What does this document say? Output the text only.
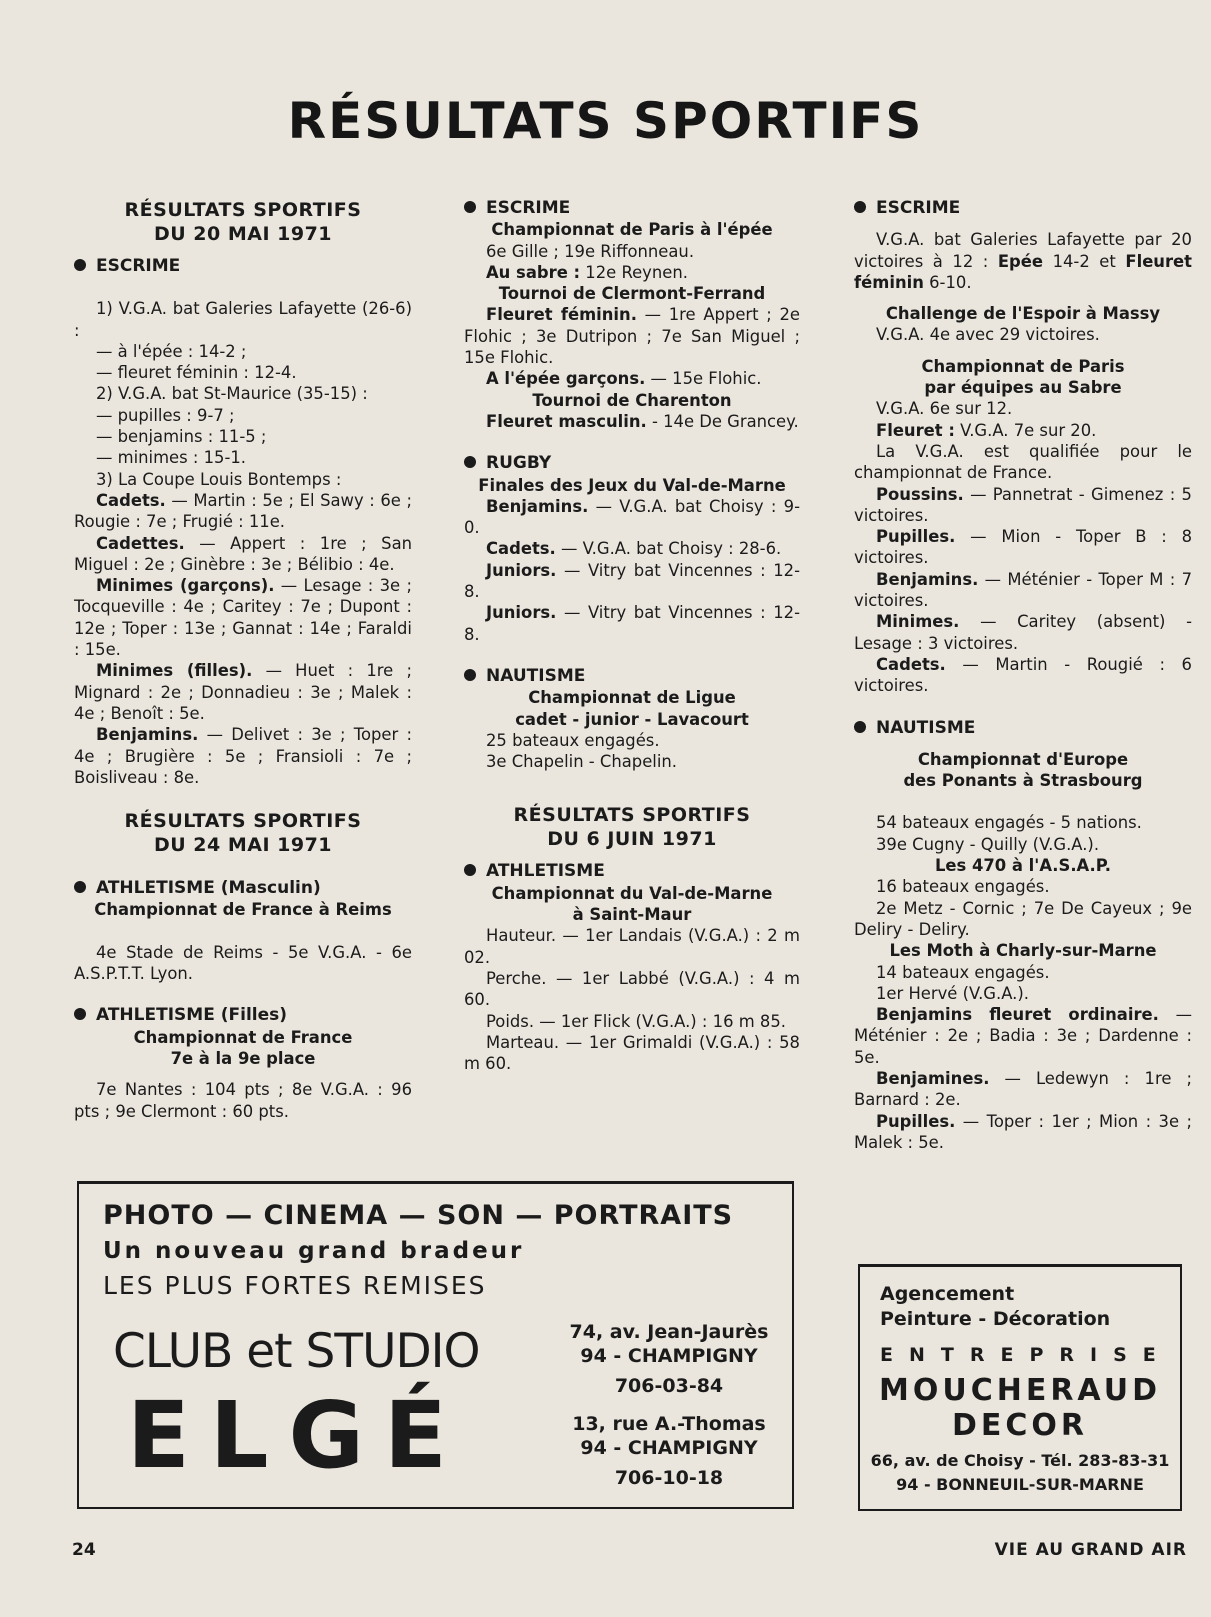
RÉSULTATS SPORTIFS

RÉSULTATS SPORTIFS

DU 20 MAI 1971

ESCRIME

1) V.G.A. bat Galeries Lafayette (26-6) :

— à l'épée : 14-2 ;

— fleuret féminin : 12-4.

2) V.G.A. bat St-Maurice (35-15) :

— pupilles : 9-7 ;

— benjamins : 11-5 ;

— minimes : 15-1.

3) La Coupe Louis Bontemps :

Cadets. — Martin : 5e ; El Sawy : 6e ; Rougie : 7e ; Frugié : 11e.

Cadettes. — Appert : 1re ; San Miguel : 2e ; Ginèbre : 3e ; Bélibio : 4e.

Minimes (garçons). — Lesage : 3e ; Tocqueville : 4e ; Caritey : 7e ; Dupont : 12e ; Toper : 13e ; Gannat : 14e ; Faraldi : 15e.

Minimes (filles). — Huet : 1re ; Mignard : 2e ; Donnadieu : 3e ; Malek : 4e ; Benoît : 5e.

Benjamins. — Delivet : 3e ; Toper : 4e ; Brugière : 5e ; Fransioli : 7e ; Boisliveau : 8e.

RÉSULTATS SPORTIFS

DU 24 MAI 1971

ATHLETISME (Masculin)

Championnat de France à Reims

4e Stade de Reims - 5e V.G.A. - 6e A.S.P.T.T. Lyon.

ATHLETISME (Filles)

Championnat de France

7e à la 9e place

7e Nantes : 104 pts ; 8e V.G.A. : 96 pts ; 9e Clermont : 60 pts.

ESCRIME

Championnat de Paris à l'épée

6e Gille ; 19e Riffonneau.

Au sabre : 12e Reynen.

Tournoi de Clermont-Ferrand

Fleuret féminin. — 1re Appert ; 2e Flohic ; 3e Dutripon ; 7e San Miguel ; 15e Flohic.

A l'épée garçons. — 15e Flohic.

Tournoi de Charenton

Fleuret masculin. - 14e De Grancey.

RUGBY

Finales des Jeux du Val-de-Marne

Benjamins. — V.G.A. bat Choisy : 9-0.

Cadets. — V.G.A. bat Choisy : 28-6.

Juniors. — Vitry bat Vincennes : 12-8.

Juniors. — Vitry bat Vincennes : 12-8.

NAUTISME

Championnat de Ligue

cadet - junior - Lavacourt

25 bateaux engagés.

3e Chapelin - Chapelin.

RÉSULTATS SPORTIFS

DU 6 JUIN 1971

ATHLETISME

Championnat du Val-de-Marne

à Saint-Maur

Hauteur. — 1er Landais (V.G.A.) : 2 m 02.

Perche. — 1er Labbé (V.G.A.) : 4 m 60.

Poids. — 1er Flick (V.G.A.) : 16 m 85.

Marteau. — 1er Grimaldi (V.G.A.) : 58 m 60.

ESCRIME

V.G.A. bat Galeries Lafayette par 20 victoires à 12 : Epée 14-2 et Fleuret féminin 6-10.

Challenge de l'Espoir à Massy

V.G.A. 4e avec 29 victoires.

Championnat de Paris

par équipes au Sabre

V.G.A. 6e sur 12.

Fleuret : V.G.A. 7e sur 20.

La V.G.A. est qualifiée pour le championnat de France.

Poussins. — Pannetrat - Gimenez : 5 victoires.

Pupilles. — Mion - Toper B : 8 victoires.

Benjamins. — Méténier - Toper M : 7 victoires.

Minimes. — Caritey (absent) - Lesage : 3 victoires.

Cadets. — Martin - Rougié : 6 victoires.

NAUTISME

Championnat d'Europe

des Ponants à Strasbourg

54 bateaux engagés - 5 nations.

39e Cugny - Quilly (V.G.A.).

Les 470 à l'A.S.A.P.

16 bateaux engagés.

2e Metz - Cornic ; 7e De Cayeux ; 9e Deliry - Deliry.

Les Moth à Charly-sur-Marne

14 bateaux engagés.

1er Hervé (V.G.A.).

Benjamins fleuret ordinaire. — Méténier : 2e ; Badia : 3e ; Dardenne : 5e.

Benjamines. — Ledewyn : 1re ; Barnard : 2e.

Pupilles. — Toper : 1er ; Mion : 3e ; Malek : 5e.

PHOTO — CINEMA — SON — PORTRAITS
Un nouveau grand bradeur
LES PLUS FORTES REMISES
CLUB et STUDIO
ELGÉ
74, av. Jean-Jaurès
94 - CHAMPIGNY
706-03-84
13, rue A.-Thomas
94 - CHAMPIGNY
706-10-18
Agencement
Peinture - Décoration
ENTREPRISE
MOUCHERAUD
DECOR
66, av. de Choisy - Tél. 283-83-31
94 - BONNEUIL-SUR-MARNE
24	VIE AU GRAND AIR
